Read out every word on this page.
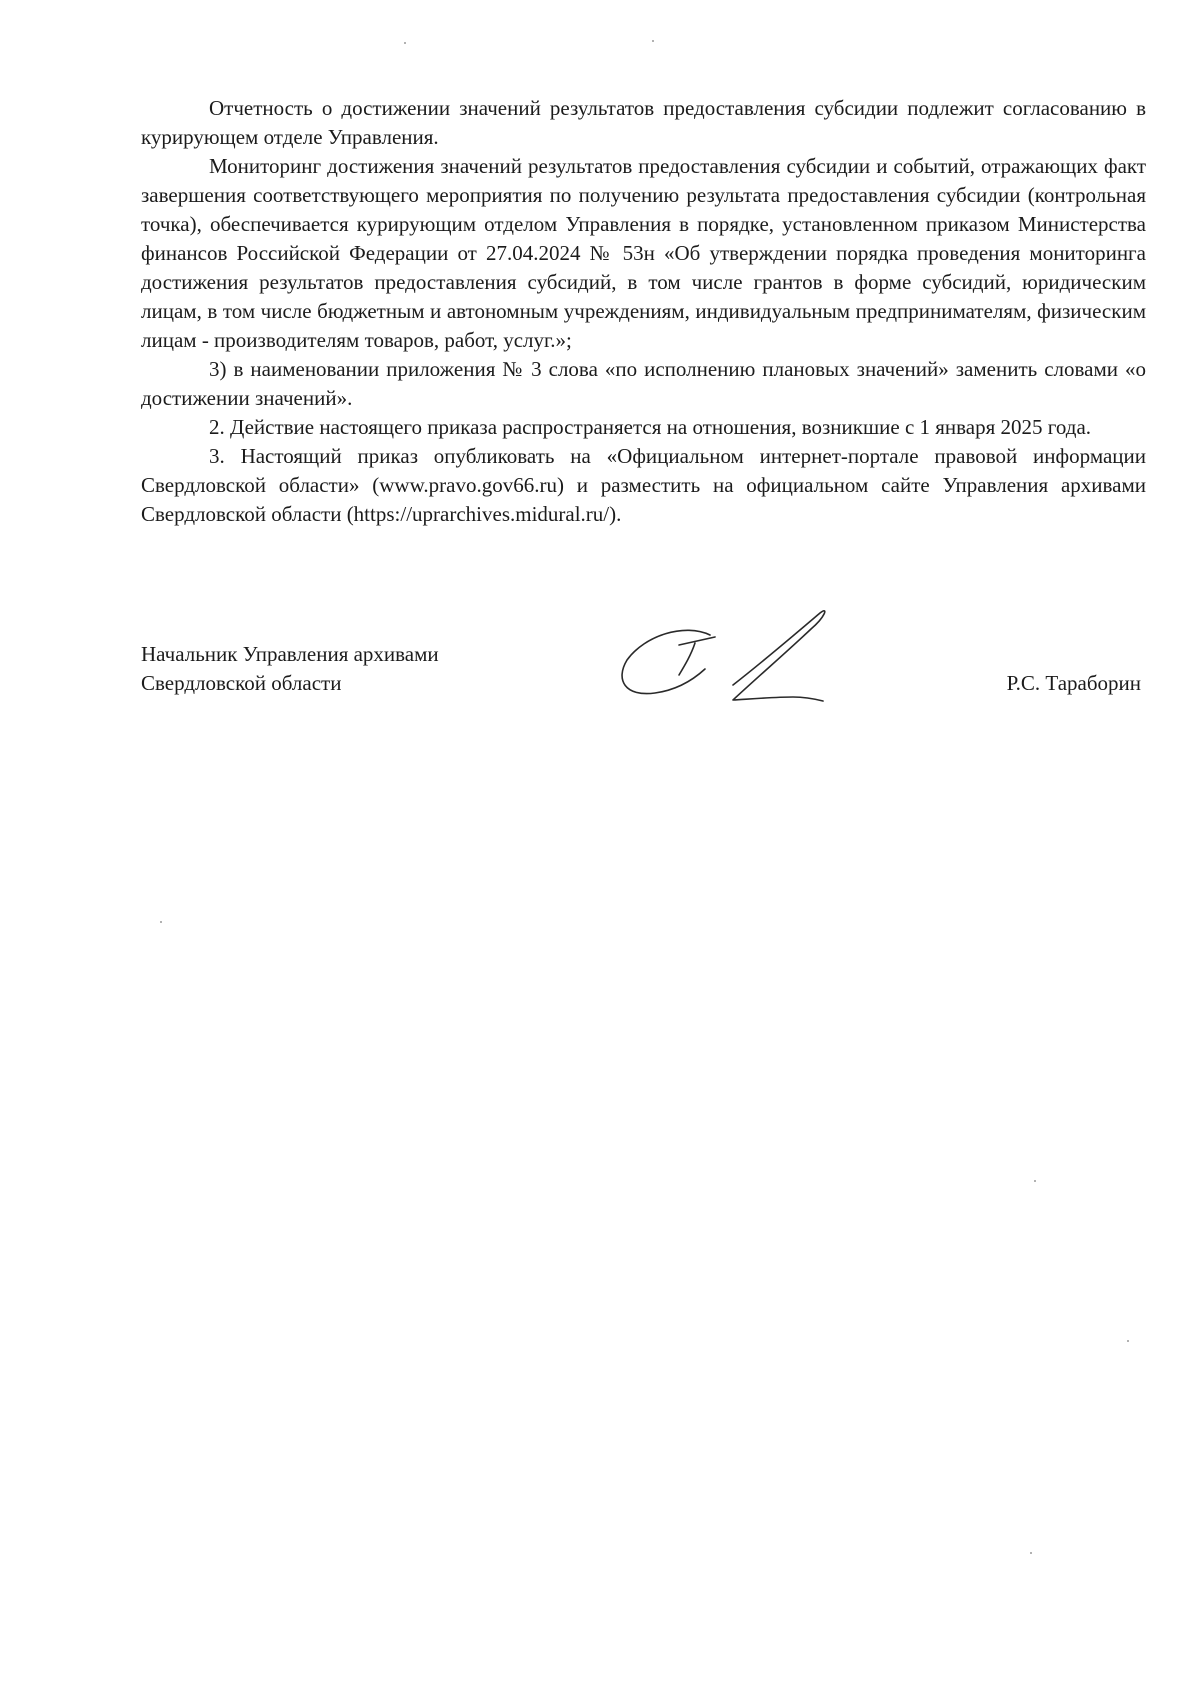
Отчетность о достижении значений результатов предоставления субсидии подлежит согласованию в курирующем отделе Управления.

Мониторинг достижения значений результатов предоставления субсидии и событий, отражающих факт завершения соответствующего мероприятия по получению результата предоставления субсидии (контрольная точка), обеспечивается курирующим отделом Управления в порядке, установленном приказом Министерства финансов Российской Федерации от 27.04.2024 № 53н «Об утверждении порядка проведения мониторинга достижения результатов предоставления субсидий, в том числе грантов в форме субсидий, юридическим лицам, в том числе бюджетным и автономным учреждениям, индивидуальным предпринимателям, физическим лицам - производителям товаров, работ, услуг.»;

3) в наименовании приложения № 3 слова «по исполнению плановых значений» заменить словами «о достижении значений».

2. Действие настоящего приказа распространяется на отношения, возникшие с 1 января 2025 года.

3. Настоящий приказ опубликовать на «Официальном интернет-портале правовой информации Свердловской области» (www.pravo.gov66.ru) и разместить на официальном сайте Управления архивами Свердловской области (https://uprarchives.midural.ru/).

Начальник Управления архивами
Свердловской области	Р.С. Тараборин
